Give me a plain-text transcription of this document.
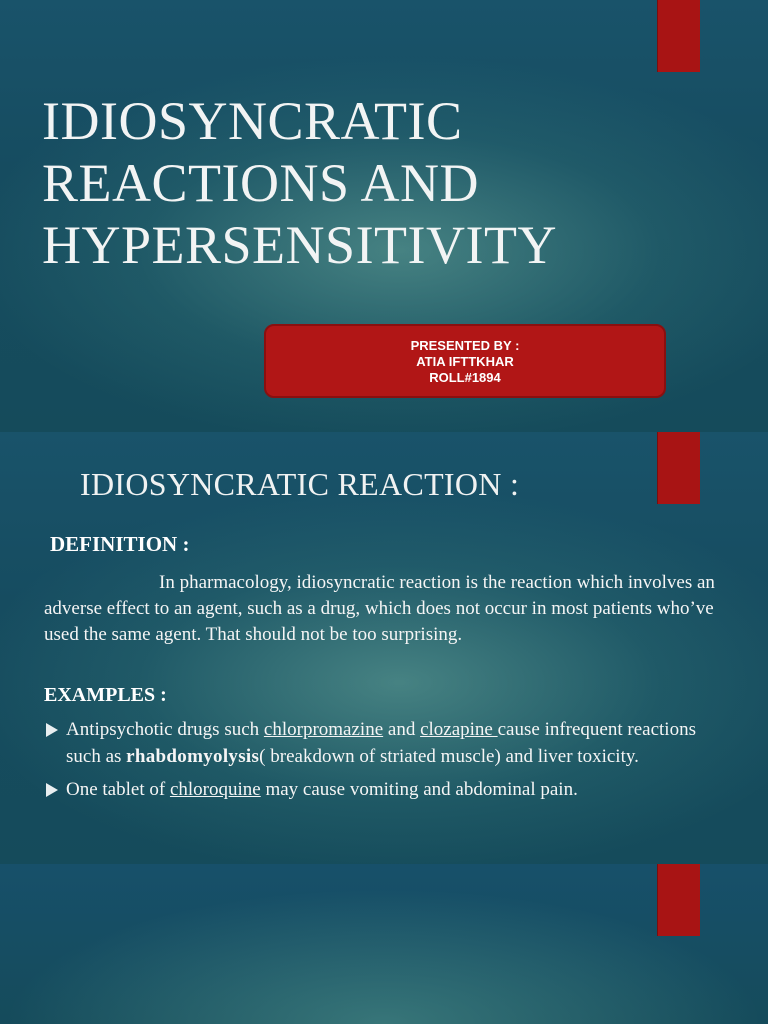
IDIOSYNCRATIC
REACTIONS AND
HYPERSENSITIVITY
PRESENTED BY :
ATIA IFTTKHAR
ROLL#1894
IDIOSYNCRATIC REACTION :
DEFINITION :

In pharmacology, idiosyncratic reaction is the reaction which involves an adverse effect to an agent, such as a drug, which does not occur in most patients who’ve used the same agent. That should not be too surprising.

EXAMPLES :
Antipsychotic drugs such chlorpromazine and clozapine cause infrequent reactions such as rhabdomyolysis( breakdown of striated muscle) and liver toxicity.
One tablet of chloroquine may cause vomiting and abdominal pain.
